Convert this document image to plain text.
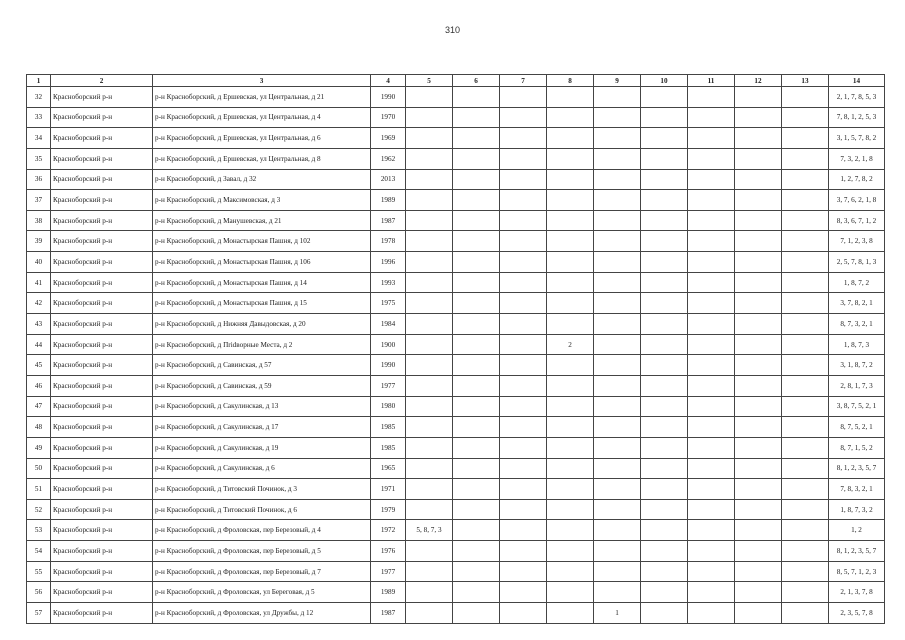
310
1	2	3	4	5	6	7	8	9	10	11	12	13	14
32	Красноборский р-н	р-н Красноборский, д Ершевская, ул Центральная, д 21	1990										2, 1, 7, 8, 5, 3
33	Красноборский р-н	р-н Красноборский, д Ершевская, ул Центральная, д 4	1970										7, 8, 1, 2, 5, 3
34	Красноборский р-н	р-н Красноборский, д Ершевская, ул Центральная, д 6	1969										3, 1, 5, 7, 8, 2
35	Красноборский р-н	р-н Красноборский, д Ершевская, ул Центральная, д 8	1962										7, 3, 2, 1, 8
36	Красноборский р-н	р-н Красноборский, д Завал, д 32	2013										1, 2, 7, 8, 2
37	Красноборский р-н	р-н Красноборский, д Максимовская, д 3	1989										3, 7, 6, 2, 1, 8
38	Красноборский р-н	р-н Красноборский, д Манушевская, д 21	1987										8, 3, 6, 7, 1, 2
39	Красноборский р-н	р-н Красноборский, д Монастырская Пашня, д 102	1978										7, 1, 2, 3, 8
40	Красноборский р-н	р-н Красноборский, д Монастырская Пашня, д 106	1996										2, 5, 7, 8, 1, 3
41	Красноборский р-н	р-н Красноборский, д Монастырская Пашня, д 14	1993										1, 8, 7, 2
42	Красноборский р-н	р-н Красноборский, д Монастырская Пашня, д 15	1975										3, 7, 8, 2, 1
43	Красноборский р-н	р-н Красноборский, д Нижняя Давыдовская, д 20	1984										8, 7, 3, 2, 1
44	Красноборский р-н	р-н Красноборский, д Пridворные Места, д 2	1900				2						1, 8, 7, 3
45	Красноборский р-н	р-н Красноборский, д Савинская, д 57	1990										3, 1, 8, 7, 2
46	Красноборский р-н	р-н Красноборский, д Савинская, д 59	1977										2, 8, 1, 7, 3
47	Красноборский р-н	р-н Красноборский, д Сакулинская, д 13	1980										3, 8, 7, 5, 2, 1
48	Красноборский р-н	р-н Красноборский, д Сакулинская, д 17	1985										8, 7, 5, 2, 1
49	Красноборский р-н	р-н Красноборский, д Сакулинская, д 19	1985										8, 7, 1, 5, 2
50	Красноборский р-н	р-н Красноборский, д Сакулинская, д 6	1965										8, 1, 2, 3, 5, 7
51	Красноборский р-н	р-н Красноборский, д Титовский Починок, д 3	1971										7, 8, 3, 2, 1
52	Красноборский р-н	р-н Красноборский, д Титовский Починок, д 6	1979										1, 8, 7, 3, 2
53	Красноборский р-н	р-н Красноборский, д Фроловская, пер Березовый, д 4	1972	5, 8, 7, 3									1, 2
54	Красноборский р-н	р-н Красноборский, д Фроловская, пер Березовый, д 5	1976										8, 1, 2, 3, 5, 7
55	Красноборский р-н	р-н Красноборский, д Фроловская, пер Березовый, д 7	1977										8, 5, 7, 1, 2, 3
56	Красноборский р-н	р-н Красноборский, д Фроловская, ул Береговая, д 5	1989										2, 1, 3, 7, 8
57	Красноборский р-н	р-н Красноборский, д Фроловская, ул Дружбы, д 12	1987					1					2, 3, 5, 7, 8
